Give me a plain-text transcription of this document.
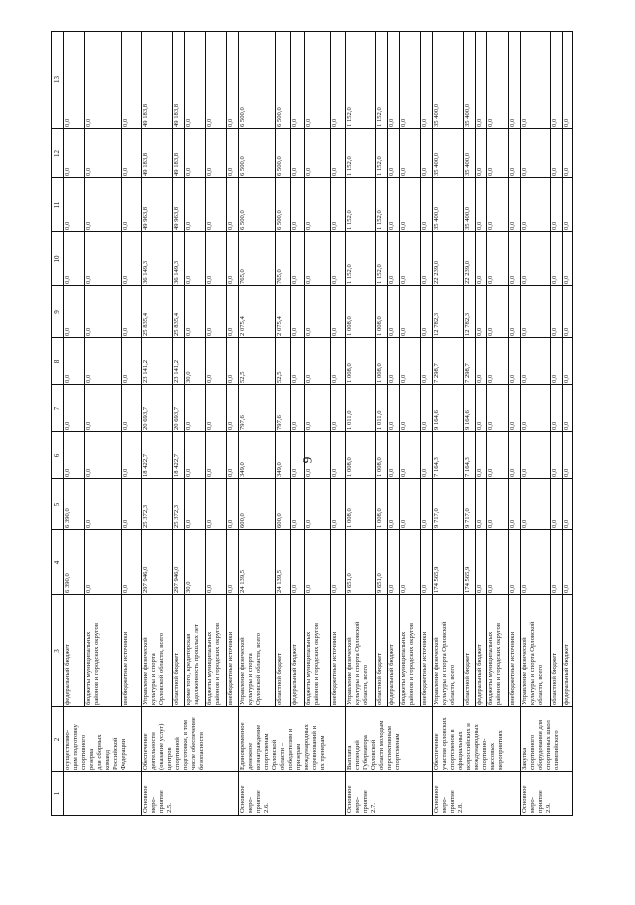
9
1
2
3
4
5
6
7
8
9
10
11
12
13
осуществляю-
щим подготовку
спортивного
резерва
для сборных
команд
Российской
Федерации
федеральный бюджет
6 390,0
6 390,0
0,0
0,0
0,0
0,0
0,0
0,0
0,0
0,0
бюджеты муниципальных
районов и городских округов
0,0
0,0
0,0
0,0
0,0
0,0
0,0
0,0
0,0
0,0
внебюджетные источники
0,0
0,0
0,0
0,0
0,0
0,0
0,0
0,0
0,0
0,0
Основное
меро-
приятие
2.5.
Обеспечение
деятельности
(оказание услуг)
центров
спортивной
подготовки, в том
числе обеспечение
безопасности
Управление физической
культуры и спорта
Орловской области, всего
297 946,0
25 372,3
18 422,7
20 693,7
23 141,2
25 835,4
36 149,3
49 963,8
49 183,8
49 183,8
областной бюджет
297 946,0
25 372,3
18 422,7
20 693,7
23 141,2
25 835,4
36 149,3
49 963,8
49 183,8
49 183,8
кроме того, кредиторская
задолженность прошлых лет
30,0
0,0
0,0
0,0
30,0
0,0
0,0
0,0
0,0
0,0
бюджеты муниципальных
районов и городских округов
0,0
0,0
0,0
0,0
0,0
0,0
0,0
0,0
0,0
0,0
внебюджетные источники
0,0
0,0
0,0
0,0
0,0
0,0
0,0
0,0
0,0
0,0
Основное
меро-
приятие
2.6.
Единовременное
денежное
вознаграждение
спортсменам
Орловской
области –
победителям и
призерам
международных
соревнований и
их тренерам
Управление физической
культуры и спорта
Орловской области, всего
24 139,5
600,0
349,0
797,6
52,5
2 075,4
765,0
6 500,0
6 500,0
6 500,0
областной бюджет
24 139,5
600,0
349,0
797,6
52,5
2 075,4
765,0
6 500,0
6 500,0
6 500,0
федеральный бюджет
0,0
0,0
0,0
0,0
0,0
0,0
0,0
0,0
0,0
0,0
бюджеты муниципальных
районов и городских округов
0,0
0,0
0,0
0,0
0,0
0,0
0,0
0,0
0,0
0,0
внебюджетные источники
0,0
0,0
0,0
0,0
0,0
0,0
0,0
0,0
0,0
0,0
Основное
меро-
приятие
2.7.
Выплата
стипендий
Губернатора
Орловской
области молодым
перспективным
спортсменам
Управление физической
культуры и спорта Орловской
области, всего
9 651,0
1 008,0
1 008,0
1 011,0
1 008,0
1 008,0
1 152,0
1 152,0
1 152,0
1 152,0
областной бюджет
9 651,0
1 008,0
1 008,0
1 011,0
1 008,0
1 008,0
1 152,0
1 152,0
1 152,0
1 152,0
федеральный бюджет
0,0
0,0
0,0
0,0
0,0
0,0
0,0
0,0
0,0
0,0
бюджеты муниципальных
районов и городских округов
0,0
0,0
0,0
0,0
0,0
0,0
0,0
0,0
0,0
0,0
внебюджетные источники
0,0
0,0
0,0
0,0
0,0
0,0
0,0
0,0
0,0
0,0
Основное
меро-
приятие
2.8.
Обеспечение
участия орловских
спортсменов в
официальных
всероссийских и
международных
спортивно-
массовых
мероприятиях
Управление физической
культуры и спорта Орловской
области, всего
174 565,9
9 717,0
7 164,3
9 164,6
7 298,7
12 782,3
22 239,0
35 400,0
35 400,0
35 400,0
областной бюджет
174 565,9
9 717,0
7 164,3
9 164,6
7 298,7
12 782,3
22 239,0
35 400,0
35 400,0
35 400,0
федеральный бюджет
0,0
0,0
0,0
0,0
0,0
0,0
0,0
0,0
0,0
0,0
бюджеты муниципальных
районов и городских округов
0,0
0,0
0,0
0,0
0,0
0,0
0,0
0,0
0,0
0,0
внебюджетные источники
0,0
0,0
0,0
0,0
0,0
0,0
0,0
0,0
0,0
0,0
Основное
меро-
приятие
2.9.
Закупка
спортивного
оборудования для
спортивных школ
олимпийского
Управление физической
культуры и спорта Орловской
области, всего
0,0
0,0
0,0
0,0
0,0
0,0
0,0
0,0
0,0
0,0
областной бюджет
0,0
0,0
0,0
0,0
0,0
0,0
0,0
0,0
0,0
0,0
федеральный бюджет
0,0
0,0
0,0
0,0
0,0
0,0
0,0
0,0
0,0
0,0
